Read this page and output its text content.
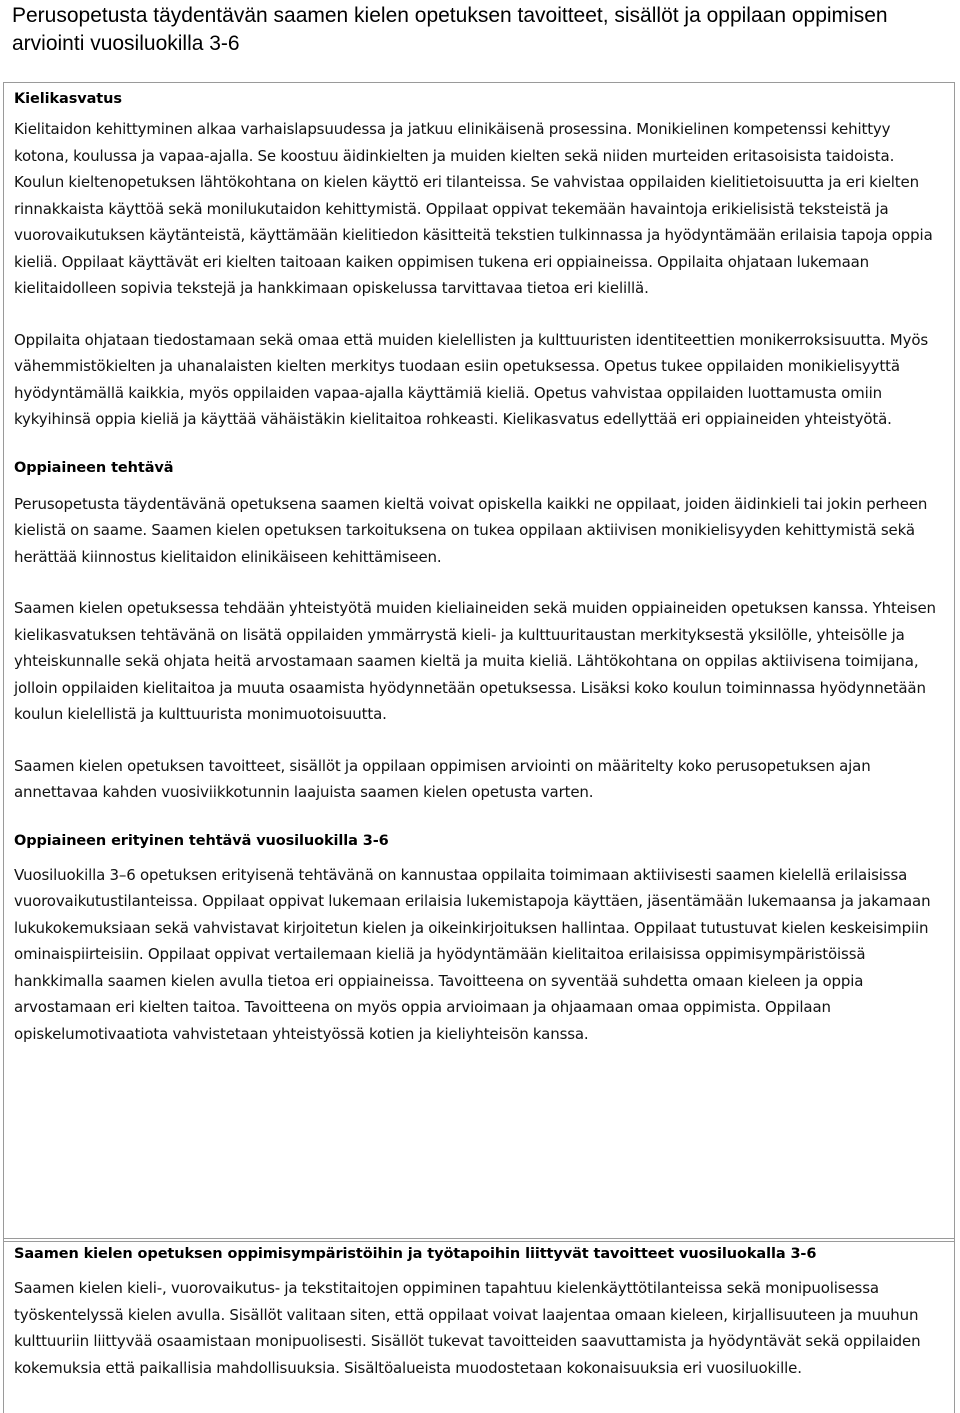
Perusopetusta täydentävän saamen kielen opetuksen tavoitteet, sisällöt ja oppilaan oppimisen arviointi vuosiluokilla 3-6
Kielikasvatus

Kielitaidon kehittyminen alkaa varhaislapsuudessa ja jatkuu elinikäisenä prosessina. Monikielinen kompetenssi kehittyy kotona, koulussa ja vapaa-ajalla. Se koostuu äidinkielten ja muiden kielten sekä niiden murteiden eritasoisista taidoista. Koulun kieltenopetuksen lähtökohtana on kielen käyttö eri tilanteissa. Se vahvistaa oppilaiden kielitietoisuutta ja eri kielten rinnakkaista käyttöä sekä monilukutaidon kehittymistä. Oppilaat oppivat tekemään havaintoja erikielisistä teksteistä ja vuorovaikutuksen käytänteistä, käyttämään kielitiedon käsitteitä tekstien tulkinnassa ja hyödyntämään erilaisia tapoja oppia kieliä. Oppilaat käyttävät eri kielten taitoaan kaiken oppimisen tukena eri oppiaineissa. Oppilaita ohjataan lukemaan kielitaidolleen sopivia tekstejä ja hankkimaan opiskelussa tarvittavaa tietoa eri kielillä.

Oppilaita ohjataan tiedostamaan sekä omaa että muiden kielellisten ja kulttuuristen identiteettien monikerroksisuutta. Myös vähemmistökielten ja uhanalaisten kielten merkitys tuodaan esiin opetuksessa. Opetus tukee oppilaiden monikielisyyttä hyödyntämällä kaikkia, myös oppilaiden vapaa-ajalla käyttämiä kieliä. Opetus vahvistaa oppilaiden luottamusta omiin kykyihinsä oppia kieliä ja käyttää vähäistäkin kielitaitoa rohkeasti. Kielikasvatus edellyttää eri oppiaineiden yhteistyötä.

Oppiaineen tehtävä

Perusopetusta täydentävänä opetuksena saamen kieltä voivat opiskella kaikki ne oppilaat, joiden äidinkieli tai jokin perheen kielistä on saame. Saamen kielen opetuksen tarkoituksena on tukea oppilaan aktiivisen monikielisyyden kehittymistä sekä herättää kiinnostus kielitaidon elinikäiseen kehittämiseen.

Saamen kielen opetuksessa tehdään yhteistyötä muiden kieliaineiden sekä muiden oppiaineiden opetuksen kanssa. Yhteisen kielikasvatuksen tehtävänä on lisätä oppilaiden ymmärrystä kieli- ja kulttuuritaustan merkityksestä yksilölle, yhteisölle ja yhteiskunnalle sekä ohjata heitä arvostamaan saamen kieltä ja muita kieliä. Lähtökohtana on oppilas aktiivisena toimijana, jolloin oppilaiden kielitaitoa ja muuta osaamista hyödynnetään opetuksessa. Lisäksi koko koulun toiminnassa hyödynnetään koulun kielellistä ja kulttuurista monimuotoisuutta.

Saamen kielen opetuksen tavoitteet, sisällöt ja oppilaan oppimisen arviointi on määritelty koko perusopetuksen ajan annettavaa kahden vuosiviikkotunnin laajuista saamen kielen opetusta varten.

Oppiaineen erityinen tehtävä vuosiluokilla 3-6

Vuosiluokilla 3–6 opetuksen erityisenä tehtävänä on kannustaa oppilaita toimimaan aktiivisesti saamen kielellä erilaisissa vuorovaikutustilanteissa. Oppilaat oppivat lukemaan erilaisia lukemistapoja käyttäen, jäsentämään lukemaansa ja jakamaan lukukokemuksiaan sekä vahvistavat kirjoitetun kielen ja oikeinkirjoituksen hallintaa. Oppilaat tutustuvat kielen keskeisimpiin ominaispiirteisiin. Oppilaat oppivat vertailemaan kieliä ja hyödyntämään kielitaitoa erilaisissa oppimisympäristöissä hankkimalla saamen kielen avulla tietoa eri oppiaineissa. Tavoitteena on syventää suhdetta omaan kieleen ja oppia arvostamaan eri kielten taitoa. Tavoitteena on myös oppia arvioimaan ja ohjaamaan omaa oppimista. Oppilaan opiskelumotivaatiota vahvistetaan yhteistyössä kotien ja kieliyhteisön kanssa.

Saamen kielen opetuksen oppimisympäristöihin ja työtapoihin liittyvät tavoitteet vuosiluokalla 3-6

Saamen kielen kieli-, vuorovaikutus- ja tekstitaitojen oppiminen tapahtuu kielenkäyttötilanteissa sekä monipuolisessa työskentelyssä kielen avulla. Sisällöt valitaan siten, että oppilaat voivat laajentaa omaan kieleen, kirjallisuuteen ja muuhun kulttuuriin liittyvää osaamistaan monipuolisesti. Sisällöt tukevat tavoitteiden saavuttamista ja hyödyntävät sekä oppilaiden kokemuksia että paikallisia mahdollisuuksia. Sisältöalueista muodostetaan kokonaisuuksia eri vuosiluokille.
